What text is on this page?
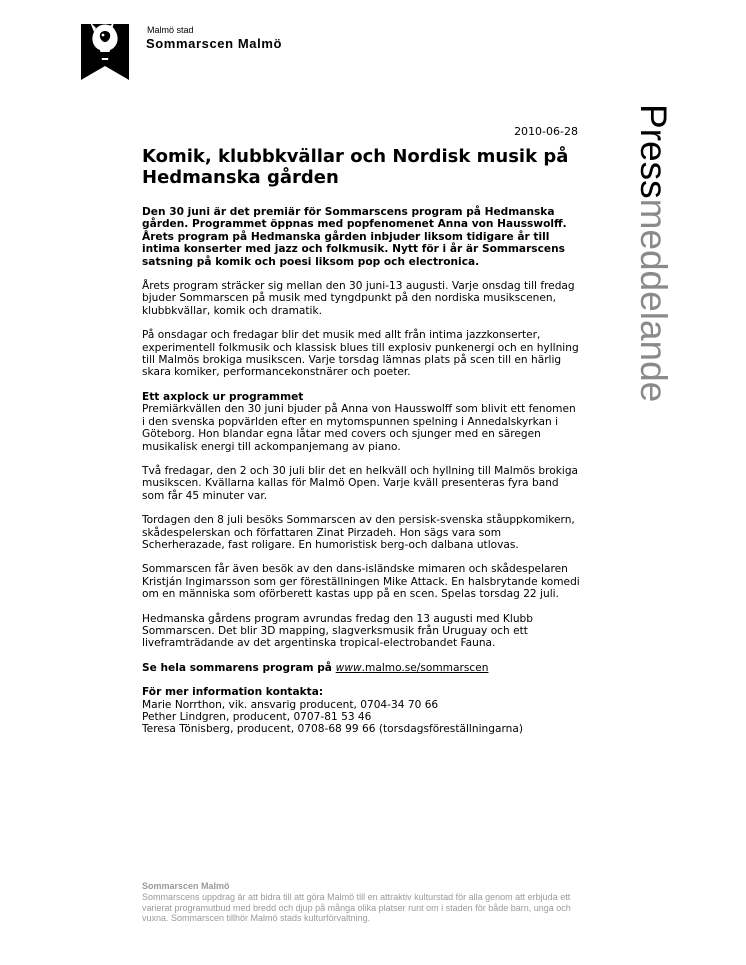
Malmö stad
Sommarscen Malmö
Pressmeddelande
2010-06-28
Komik, klubbkvällar och Nordisk musik på Hedmanska gården

Den 30 juni är det premiär för Sommarscens program på Hedmanska gården. Programmet öppnas med popfenomenet Anna von Hausswolff. Årets program på Hedmanska gården inbjuder liksom tidigare år till intima konserter med jazz och folkmusik. Nytt för i år är Sommarscens satsning på komik och poesi liksom pop och electronica.

Årets program sträcker sig mellan den 30 juni-13 augusti. Varje onsdag till fredag bjuder Sommarscen på musik med tyngdpunkt på den nordiska musikscenen, klubbkvällar, komik och dramatik.

På onsdagar och fredagar blir det musik med allt från intima jazzkonserter, experimentell folkmusik och klassisk blues till explosiv punkenergi och en hyllning till Malmös brokiga musikscen. Varje torsdag lämnas plats på scen till en härlig skara komiker, performancekonstnärer och poeter.

Ett axplock ur programmet

Premiärkvällen den 30 juni bjuder på Anna von Hausswolff som blivit ett fenomen i den svenska popvärlden efter en mytomspunnen spelning i Annedalskyrkan i Göteborg. Hon blandar egna låtar med covers och sjunger med en säregen musikalisk energi till ackompanjemang av piano.

Två fredagar, den 2 och 30 juli blir det en helkväll och hyllning till Malmös brokiga musikscen. Kvällarna kallas för Malmö Open. Varje kväll presenteras fyra band som får 45 minuter var.

Tordagen den 8 juli besöks Sommarscen av den persisk-svenska ståuppkomikern, skådespelerskan och författaren Zinat Pirzadeh. Hon sägs vara som Scherherazade, fast roligare. En humoristisk berg-och dalbana utlovas.

Sommarscen får även besök av den dans-isländske mimaren och skådespelaren Kristján Ingimarsson som ger föreställningen Mike Attack. En halsbrytande komedi om en människa som oförberett kastas upp på en scen. Spelas torsdag 22 juli.

Hedmanska gårdens program avrundas fredag den 13 augusti med Klubb Sommarscen. Det blir 3D mapping, slagverksmusik från Uruguay och ett liveframträdande av det argentinska tropical-electrobandet Fauna.

Se hela sommarens program på www.malmo.se/sommarscen
För mer information kontakta:
Marie Norrthon, vik. ansvarig producent, 0704-34 70 66
Pether Lindgren, producent, 0707-81 53 46
Teresa Tönisberg, producent, 0708-68 99 66 (torsdagsföreställningarna)
Sommarscen Malmö
Sommarscens uppdrag är att bidra till att göra Malmö till en attraktiv kulturstad för alla genom att erbjuda ett varierat programutbud med bredd och djup på många olika platser runt om i staden för både barn, unga och vuxna. Sommarscen tillhör Malmö stads kulturförvaltning.
